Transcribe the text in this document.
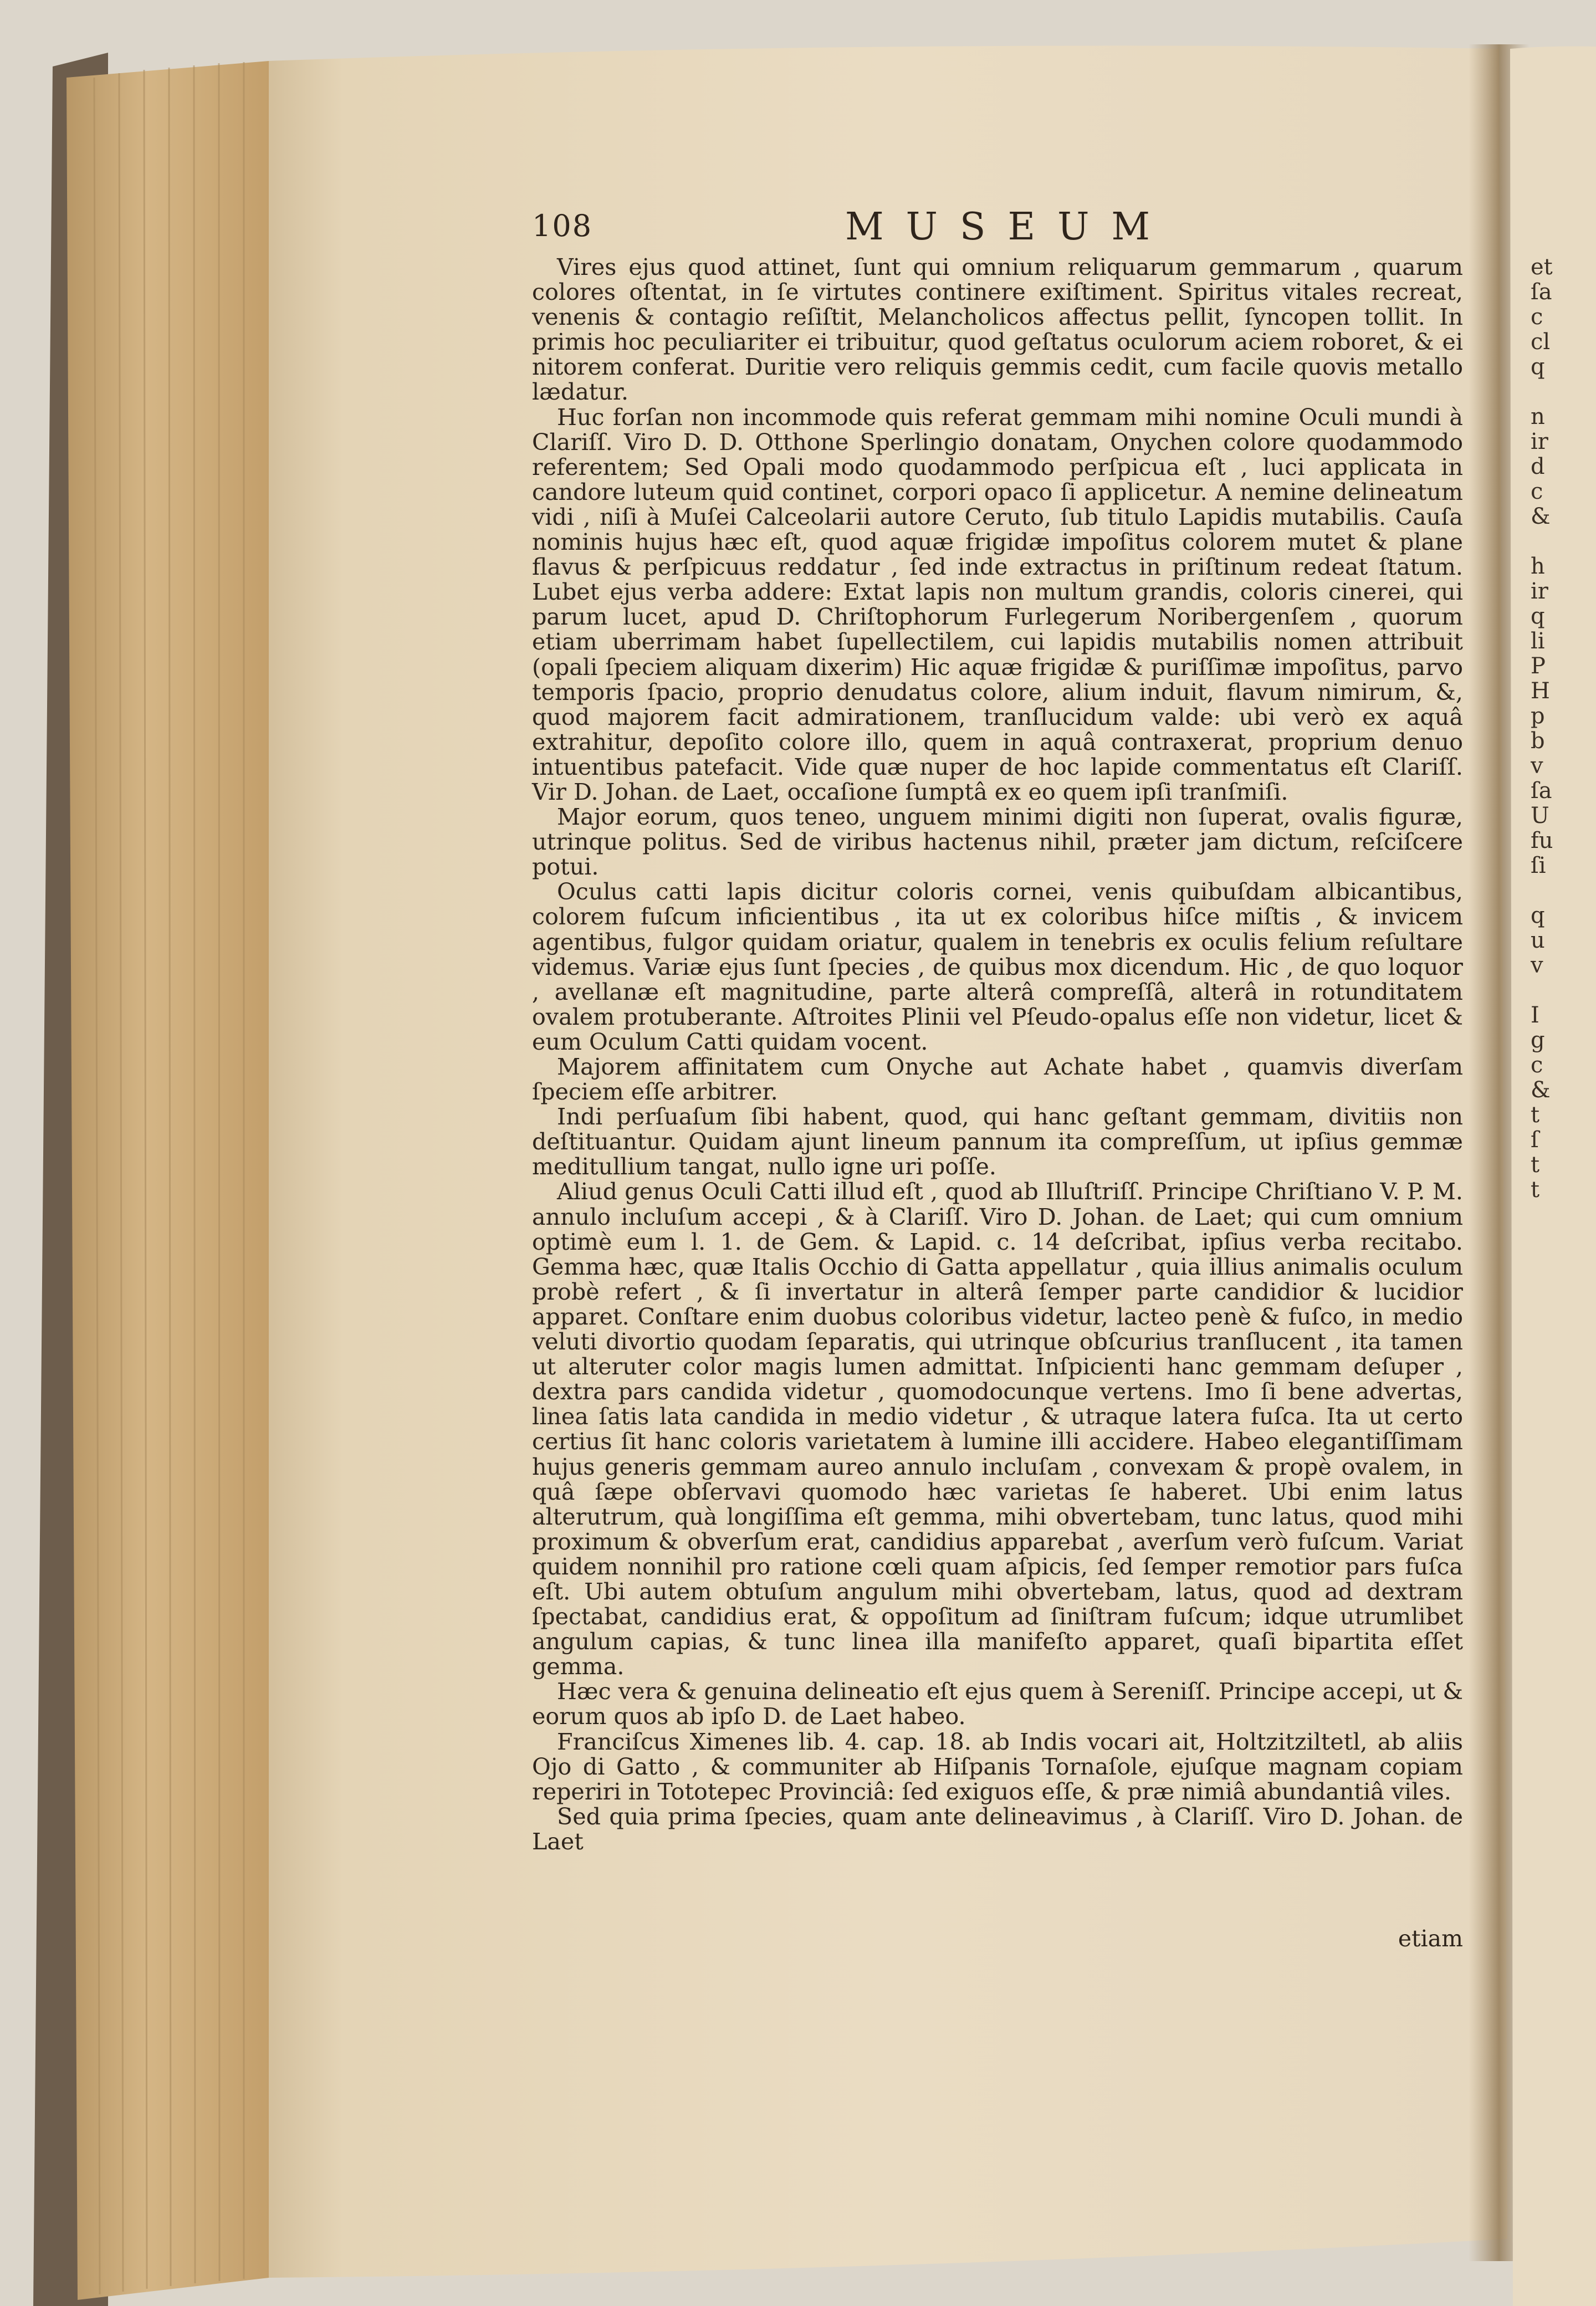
108	MUSEUM

Vires ejus quod attinet, ſunt qui omnium reliquarum gemmarum , quarum colores oſtentat, in ſe virtutes continere exiſtiment. Spiritus vitales recreat, venenis & contagio reſiſtit, Melancholicos affectus pellit, ſyncopen tollit. In primis hoc peculiariter ei tribuitur, quod geſtatus oculorum aciem roboret, & ei nitorem conferat. Duritie vero reliquis gemmis cedit, cum facile quovis metallo lædatur.

Huc forſan non incommode quis referat gemmam mihi nomine Oculi mundi à Clariſſ. Viro D. D. Otthone Sperlingio donatam, Onychen colore quodammodo referentem; Sed Opali modo quodammodo perſpicua eſt , luci applicata in candore luteum quid continet, corpori opaco ſi applicetur. A nemine delineatum vidi , niſi à Muſei Calceolarii autore Ceruto, ſub titulo Lapidis mutabilis. Cauſa nominis hujus hæc eſt, quod aquæ frigidæ impoſitus colorem mutet & plane flavus & perſpicuus reddatur , ſed inde extractus in priſtinum redeat ſtatum. Lubet ejus verba addere: Extat lapis non multum grandis, coloris cinerei, qui parum lucet, apud D. Chriſtophorum Furlegerum Noribergenſem , quorum etiam uberrimam habet ſupellectilem, cui lapidis mutabilis nomen attribuit (opali ſpeciem aliquam dixerim) Hic aquæ frigidæ & puriſſimæ impoſitus, parvo temporis ſpacio, proprio denudatus colore, alium induit, flavum nimirum, &, quod majorem facit admirationem, tranſlucidum valde: ubi verò ex aquâ extrahitur, depoſito colore illo, quem in aquâ contraxerat, proprium denuo intuentibus patefacit. Vide quæ nuper de hoc lapide commentatus eſt Clariſſ. Vir D. Johan. de Laet, occaſione ſumptâ ex eo quem ipſi tranſmiſi.

Major eorum, quos teneo, unguem minimi digiti non ſuperat, ovalis figuræ, utrinque politus. Sed de viribus hactenus nihil, præter jam dictum, reſciſcere potui.

Oculus catti lapis dicitur coloris cornei, venis quibuſdam albicantibus, colorem fuſcum inficientibus , ita ut ex coloribus hiſce miſtis , & invicem agentibus, fulgor quidam oriatur, qualem in tenebris ex oculis felium reſultare videmus. Variæ ejus ſunt ſpecies , de quibus mox dicendum. Hic , de quo loquor , avellanæ eſt magnitudine, parte alterâ compreſſâ, alterâ in rotunditatem ovalem protuberante. Aſtroites Plinii vel Pſeudo-opalus eſſe non videtur, licet & eum Oculum Catti quidam vocent.

Majorem affinitatem cum Onyche aut Achate habet , quamvis diverſam ſpeciem eſſe arbitrer.

Indi perſuaſum ſibi habent, quod, qui hanc geſtant gemmam, divitiis non deſtituantur. Quidam ajunt lineum pannum ita compreſſum, ut ipſius gemmæ meditullium tangat, nullo igne uri poſſe.

Aliud genus Oculi Catti illud eſt , quod ab Illuſtriſſ. Principe Chriſtiano V. P. M. annulo incluſum accepi , & à Clariſſ. Viro D. Johan. de Laet; qui cum omnium optimè eum l. 1. de Gem. & Lapid. c. 14 deſcribat, ipſius verba recitabo. Gemma hæc, quæ Italis Occhio di Gatta appellatur , quia illius animalis oculum probè refert , & ſi invertatur in alterâ ſemper parte candidior & lucidior apparet. Conſtare enim duobus coloribus videtur, lacteo penè & fuſco, in medio veluti divortio quodam ſeparatis, qui utrinque obſcurius tranſlucent , ita tamen ut alteruter color magis lumen admittat. Inſpicienti hanc gemmam deſuper , dextra pars candida videtur , quomodocunque vertens. Imo ſi bene advertas, linea ſatis lata candida in medio videtur , & utraque latera fuſca. Ita ut certo certius ſit hanc coloris varietatem à lumine illi accidere. Habeo elegantiſſimam hujus generis gemmam aureo annulo incluſam , convexam & propè ovalem, in quâ ſæpe obſervavi quomodo hæc varietas ſe haberet. Ubi enim latus alterutrum, quà longiſſima eſt gemma, mihi obvertebam, tunc latus, quod mihi proximum & obverſum erat, candidius apparebat , averſum verò fuſcum. Variat quidem nonnihil pro ratione cœli quam aſpicis, ſed ſemper remotior pars fuſca eſt. Ubi autem obtuſum angulum mihi obvertebam, latus, quod ad dextram ſpectabat, candidius erat, & oppoſitum ad ſiniſtram fuſcum; idque utrumlibet angulum capias, & tunc linea illa manifeſto apparet, quaſi bipartita eſſet gemma.

Hæc vera & genuina delineatio eſt ejus quem à Sereniſſ. Principe accepi, ut & eorum quos ab ipſo D. de Laet habeo.

Franciſcus Ximenes lib. 4. cap. 18. ab Indis vocari ait, Holtzitziltetl, ab aliis Ojo di Gatto , & communiter ab Hiſpanis Tornaſole, ejuſque magnam copiam reperiri in Tototepec Provinciâ: ſed exiguos eſſe, & præ nimiâ abundantiâ viles.

Sed quia prima ſpecies, quam ante delineavimus , à Clariſſ. Viro D. Johan. de Laet

etiam
et
ſa
c
cl
q
n
ir
d
c
&
h
ir
q
li
P
H
p
b
v
ſa
U
fu
ſi
q
u
v
I
g
c
&
t
ſ
t
t
